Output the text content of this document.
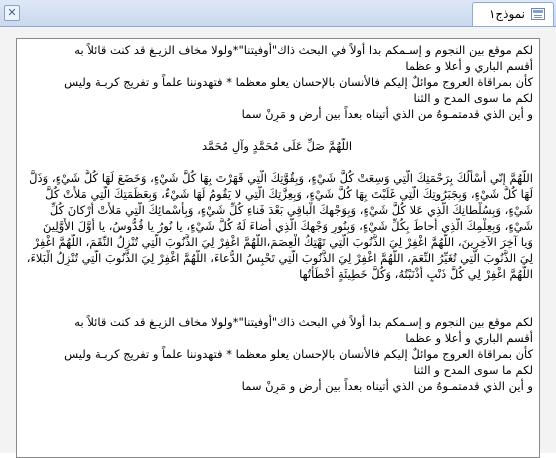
✕	نموذج١
لكم موقع بين النجوم و إسـمكم بدا أولاً في البحث ذاك"أوفيتنا"*ولولا مخاف الزيـغ قد كنت قائلاً به
أقسم الباري و أعلا و عظما
كأن بمراقاة العروج موائلٌ إليكم فالأنسان بالإحسان يعلو معظما * فتهدوننا علماً و تفريج كربـة وليس
لكم ما سوى المدح و الثنا
و أين الذي قدمتمـوهُ من الذي أتيناه بعداً بين أرض و مَرِنْ سما
اللَّهُمَّ صَلِّ عَلَى مُحَمَّدٍ وآلِ مُحَمَّد
اللّهُمَّ إنّي أَسْأَلُكَ بِرَحْمَتِكَ الَّتِي وَسِعَتْ كُلَّ شَيْءٍ، وَبِقُوَّتِكَ الَّتِي قَهَرْتَ بِهَا كُلَّ شَيْءٍ، وَخَضَعَ لَهَا كُلُّ شَيْءٍ، وَذَلَّ
لَهَا كُلُّ شَيْءٍ، وَبِجَبَرُوتِكَ الَّتِي غَلَبْتَ بِهَا كُلَّ شَيْءٍ، وَبِعِزَّتِكَ الَّتِي لا يَقُومُ لَهَا شَيْءٌ، وَبِعَظَمَتِكَ الَّتِي مَلأَتْ كُلَّ
شَيْءٍ، وَبِسُلْطانِكَ الَّذِي عَلا كُلَّ شَيْءٍ، وَبِوَجْهِكَ الْباقِي بَعْدَ فَناءِ كُلِّ شَيْءٍ، وَبِأَسْمائِكَ الَّتِي مَلأَتْ أَرْكانَ كُلِّ
شَيْءٍ، وَبِعِلْمِكَ الَّذِي أَحاطَ بِكُلِّ شَيْءٍ، وَبِنُورِ وَجْهِكَ الَّذِي أَضاءَ لَهُ كُلُّ شَيْءٍ، يا نُورُ يا قُدُّوسُ، يا أَوَّلَ الأَوَّلِينَ
وَيا آخِرَ الآخِرِينَ، اللَّهُمَّ اغْفِرْ لِيَ الذُّنُوبَ الَّتِي تَهْتِكُ الْعِصَمَ،اللَّهُمَّ اغْفِرْ لِيَ الذُّنُوبَ الَّتِي تُنْزِلُ النِّقَمَ، اللَّهُمَّ اغْفِرْ
لِيَ الذُّنُوبَ الَّتِي تُغَيِّرُ النِّعَمَ، اللَّهُمَّ اغْفِرْ لِيَ الذُّنُوبَ الَّتِي تَحْبِسُ الدُّعاءَ، اللَّهُمَّ اغْفِرْ لِيَ الذُّنُوبَ الَّتِي تُنْزِلُ الْبَلاءَ،
اللَّهُمَّ اغْفِرْ لِي كُلَّ ذَنْبٍ أَذْنَبْتُهُ، وَكُلَّ خَطِيئَةٍ أَخْطَأْتُها
لكم موقع بين النجوم و إسـمكم بدا أولاً في البحث ذاك"أوفيتنا"*ولولا مخاف الزيـغ قد كنت قائلاً به
أقسم الباري و أعلا و عظما
كأن بمراقاة العروج موائلٌ إليكم فالأنسان بالإحسان يعلو معظما * فتهدوننا علماً و تفريج كربـة وليس
لكم ما سوى المدح و الثنا
و أين الذي قدمتمـوهُ من الذي أتيناه بعداً بين أرض و مَرِنْ سما
